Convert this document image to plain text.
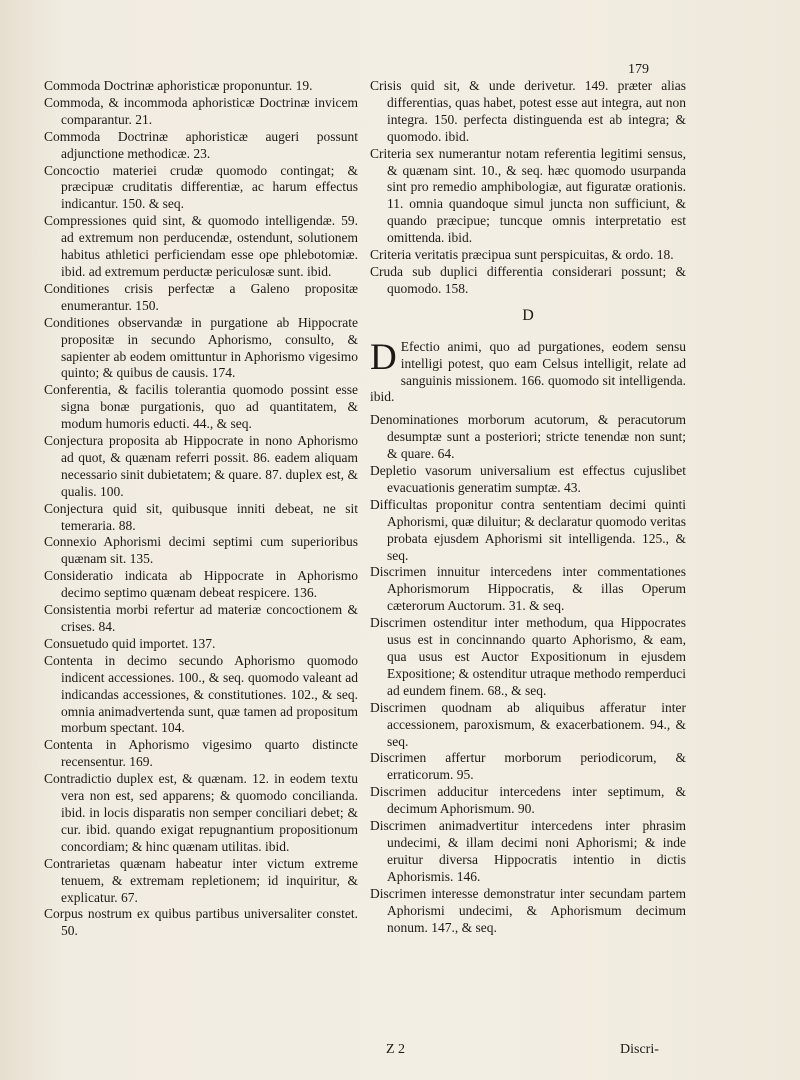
179

Commoda Doctrinæ aphoristicæ proponuntur. 19.

Commoda, & incommoda aphoristicæ Doctrinæ invicem comparantur. 21.

Commoda Doctrinæ aphoristicæ augeri possunt adjunctione methodicæ. 23.

Concoctio materiei crudæ quomodo contingat; & præcipuæ cruditatis differentiæ, ac harum effectus indicantur. 150. & seq.

Compressiones quid sint, & quomodo intelligendæ. 59. ad extremum non perducendæ, ostendunt, solutionem habitus athletici perficiendam esse ope phlebotomiæ. ibid. ad extremum perductæ periculosæ sunt. ibid.

Conditiones crisis perfectæ a Galeno propositæ enumerantur. 150.

Conditiones observandæ in purgatione ab Hippocrate propositæ in secundo Aphorismo, consulto, & sapienter ab eodem omittuntur in Aphorismo vigesimo quinto; & quibus de causis. 174.

Conferentia, & facilis tolerantia quomodo possint esse signa bonæ purgationis, quo ad quantitatem, & modum humoris educti. 44., & seq.

Conjectura proposita ab Hippocrate in nono Aphorismo ad quot, & quænam referri possit. 86. eadem aliquam necessario sinit dubietatem; & quare. 87. duplex est, & qualis. 100.

Conjectura quid sit, quibusque inniti debeat, ne sit temeraria. 88.

Connexio Aphorismi decimi septimi cum superioribus quænam sit. 135.

Consideratio indicata ab Hippocrate in Aphorismo decimo septimo quænam debeat respicere. 136.

Consistentia morbi refertur ad materiæ concoctionem & crises. 84.

Consuetudo quid importet. 137.

Contenta in decimo secundo Aphorismo quomodo indicent accessiones. 100., & seq. quomodo valeant ad indicandas accessiones, & constitutiones. 102., & seq. omnia animadvertenda sunt, quæ tamen ad propositum morbum spectant. 104.

Contenta in Aphorismo vigesimo quarto distincte recensentur. 169.

Contradictio duplex est, & quænam. 12. in eodem textu vera non est, sed apparens; & quomodo concilianda. ibid. in locis disparatis non semper conciliari debet; & cur. ibid. quando exigat repugnantium propositionum concordiam; & hinc quænam utilitas. ibid.

Contrarietas quænam habeatur inter victum extreme tenuem, & extremam repletionem; id inquiritur, & explicatur. 67.

Corpus nostrum ex quibus partibus universaliter constet. 50.

Crisis quid sit, & unde derivetur. 149. præter alias differentias, quas habet, potest esse aut integra, aut non integra. 150. perfecta distinguenda est ab integra; & quomodo. ibid.

Criteria sex numerantur notam referentia legitimi sensus, & quænam sint. 10., & seq. hæc quomodo usurpanda sint pro remedio amphibologiæ, aut figuratæ orationis. 11. omnia quandoque simul juncta non sufficiunt, & quando præcipue; tuncque omnis interpretatio est omittenda. ibid.

Criteria veritatis præcipua sunt perspicuitas, & ordo. 18.

Cruda sub duplici differentia considerari possunt; & quomodo. 158.

D

D Efectio animi, quo ad purgationes, eodem sensu intelligi potest, quo eam Celsus intelligit, relate ad sanguinis missionem. 166. quomodo sit intelligenda. ibid.

Denominationes morborum acutorum, & peracutorum desumptæ sunt a posteriori; stricte tenendæ non sunt; & quare. 64.

Depletio vasorum universalium est effectus cujuslibet evacuationis generatim sumptæ. 43.

Difficultas proponitur contra sententiam decimi quinti Aphorismi, quæ diluitur; & declaratur quomodo veritas probata ejusdem Aphorismi sit intelligenda. 125., & seq.

Discrimen innuitur intercedens inter commentationes Aphorismorum Hippocratis, & illas Operum cæterorum Auctorum. 31. & seq.

Discrimen ostenditur inter methodum, qua Hippocrates usus est in concinnando quarto Aphorismo, & eam, qua usus est Auctor Expositionum in ejusdem Expositione; & ostenditur utraque methodo remperduci ad eundem finem. 68., & seq.

Discrimen quodnam ab aliquibus afferatur inter accessionem, paroxismum, & exacerbationem. 94., & seq.

Discrimen affertur morborum periodicorum, & erraticorum. 95.

Discrimen adducitur intercedens inter septimum, & decimum Aphorismum. 90.

Discrimen animadvertitur intercedens inter phrasim undecimi, & illam decimi noni Aphorismi; & inde eruitur diversa Hippocratis intentio in dictis Aphorismis. 146.

Discrimen interesse demonstratur inter secundam partem Aphorismi undecimi, & Aphorismum decimum nonum. 147., & seq.

Z 2	Discri-
